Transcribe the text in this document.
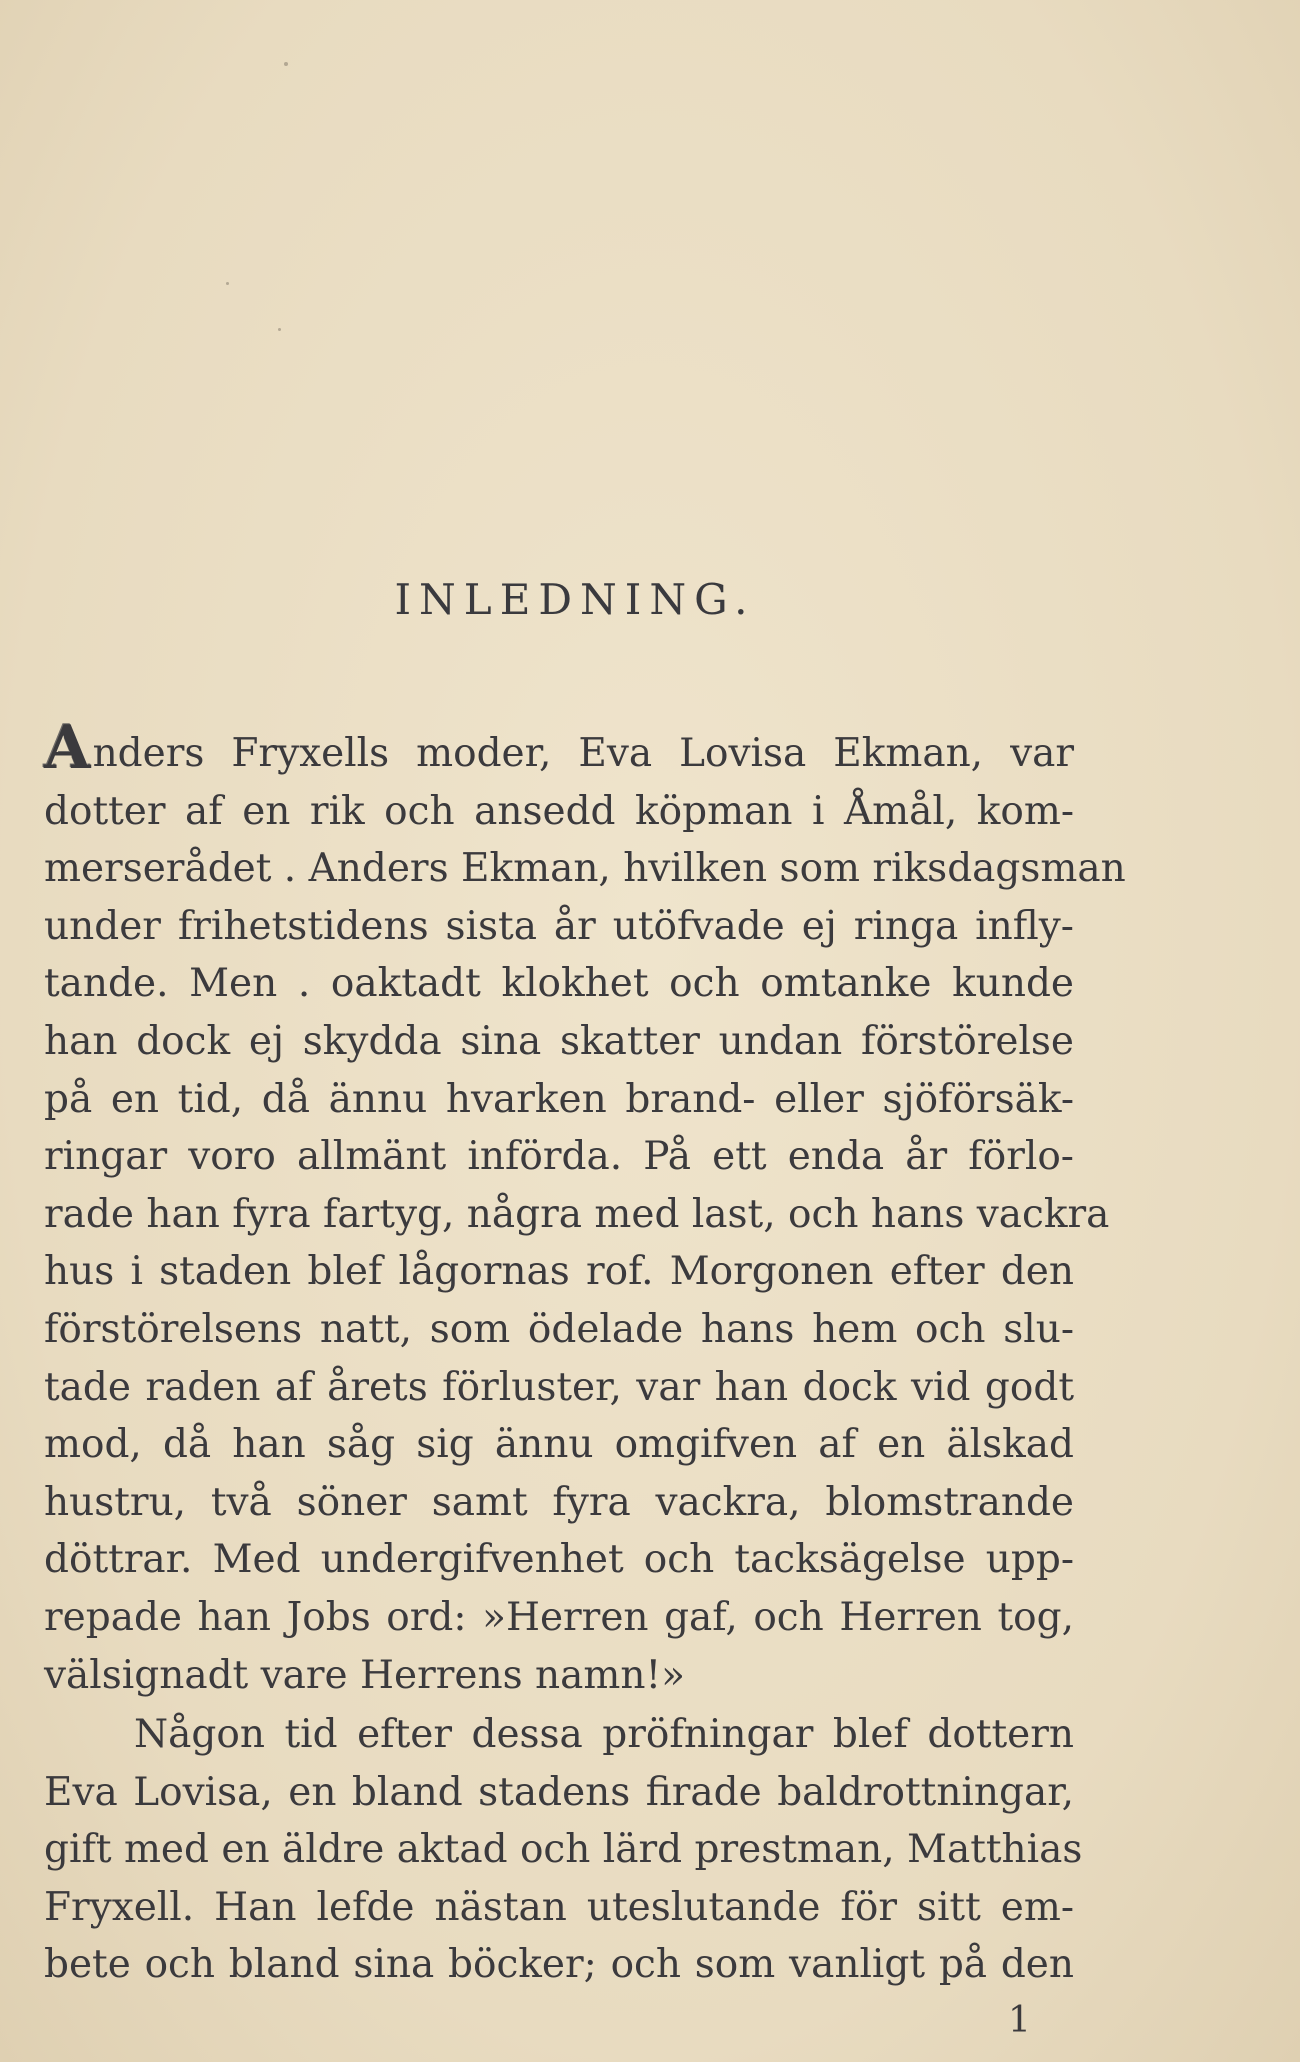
INLEDNING.
Anders Fryxells moder, Eva Lovisa Ekman, var
dotter af en rik och ansedd köpman i Åmål, kom-
merserådet . Anders Ekman, hvilken som riksdagsman
under frihetstidens sista år utöfvade ej ringa infly-
tande. Men . oaktadt klokhet och omtanke kunde
han dock ej skydda sina skatter undan förstörelse
på en tid, då ännu hvarken brand- eller sjöförsäk-
ringar voro allmänt införda. På ett enda år förlo-
rade han fyra fartyg, några med last, och hans vackra
hus i staden blef lågornas rof. Morgonen efter den
förstörelsens natt, som ödelade hans hem och slu-
tade raden af årets förluster, var han dock vid godt
mod, då han såg sig ännu omgifven af en älskad
hustru, två söner samt fyra vackra, blomstrande
döttrar. Med undergifvenhet och tacksägelse upp-
repade han Jobs ord: »Herren gaf, och Herren tog,
välsignadt vare Herrens namn!»
Någon tid efter dessa pröfningar blef dottern
Eva Lovisa, en bland stadens firade baldrottningar,
gift med en äldre aktad och lärd prestman, Matthias
Fryxell. Han lefde nästan uteslutande för sitt em-
bete och bland sina böcker; och som vanligt på den
1
